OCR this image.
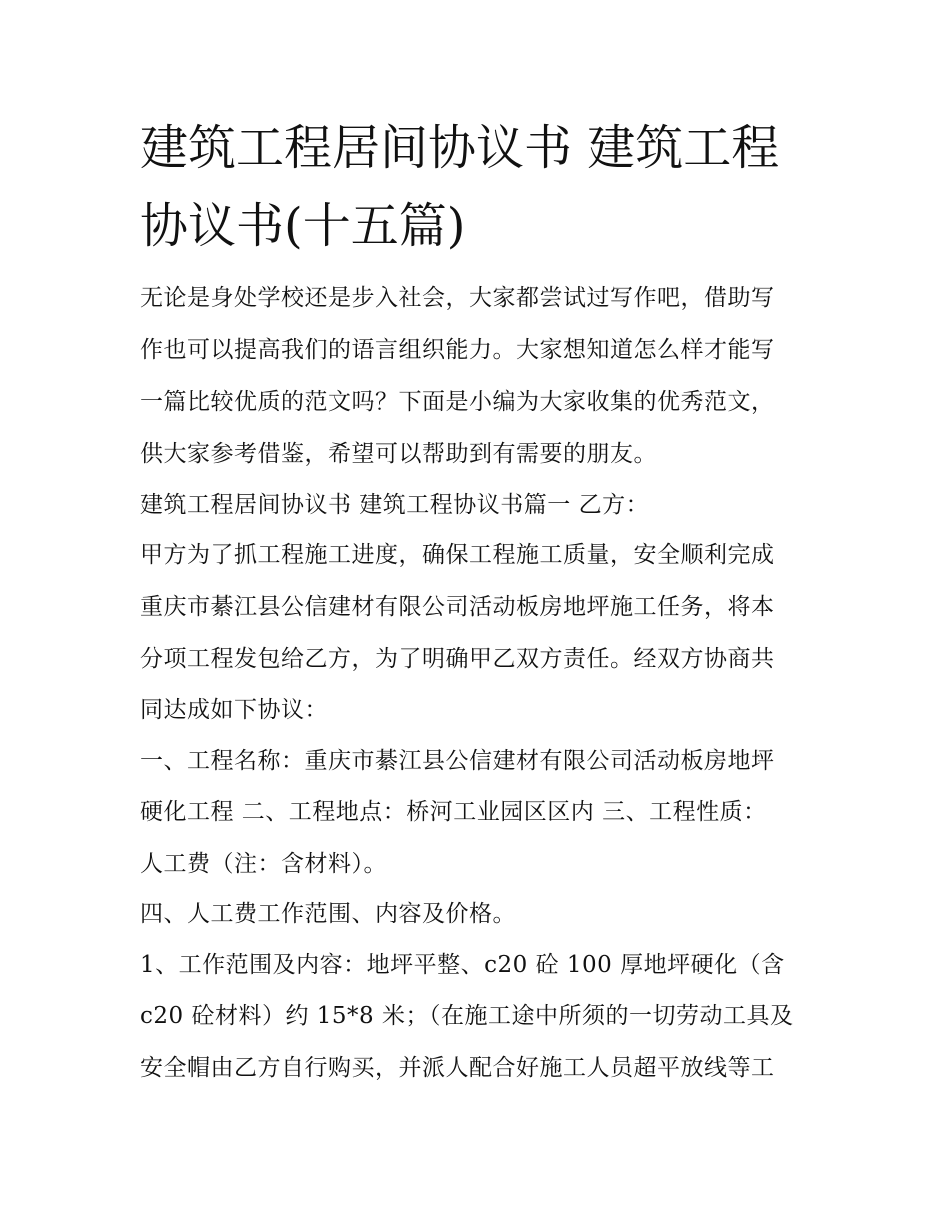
建筑工程居间协议书 建筑工程
协议书(十五篇)
无论是身处学校还是步入社会，大家都尝试过写作吧，借助写
作也可以提高我们的语言组织能力。大家想知道怎么样才能写
一篇比较优质的范文吗？下面是小编为大家收集的优秀范文，
供大家参考借鉴，希望可以帮助到有需要的朋友。
建筑工程居间协议书 建筑工程协议书篇一 乙方：
甲方为了抓工程施工进度，确保工程施工质量，安全顺利完成
重庆市綦江县公信建材有限公司活动板房地坪施工任务，将本
分项工程发包给乙方，为了明确甲乙双方责任。经双方协商共
同达成如下协议：
一、工程名称：重庆市綦江县公信建材有限公司活动板房地坪
硬化工程 二、工程地点：桥河工业园区区内 三、工程性质：
人工费（注：含材料）。
四、人工费工作范围、内容及价格。
1、工作范围及内容：地坪平整、c20 砼 100 厚地坪硬化（含
c20 砼材料）约 15*8 米；（在施工途中所须的一切劳动工具及
安全帽由乙方自行购买，并派人配合好施工人员超平放线等工
